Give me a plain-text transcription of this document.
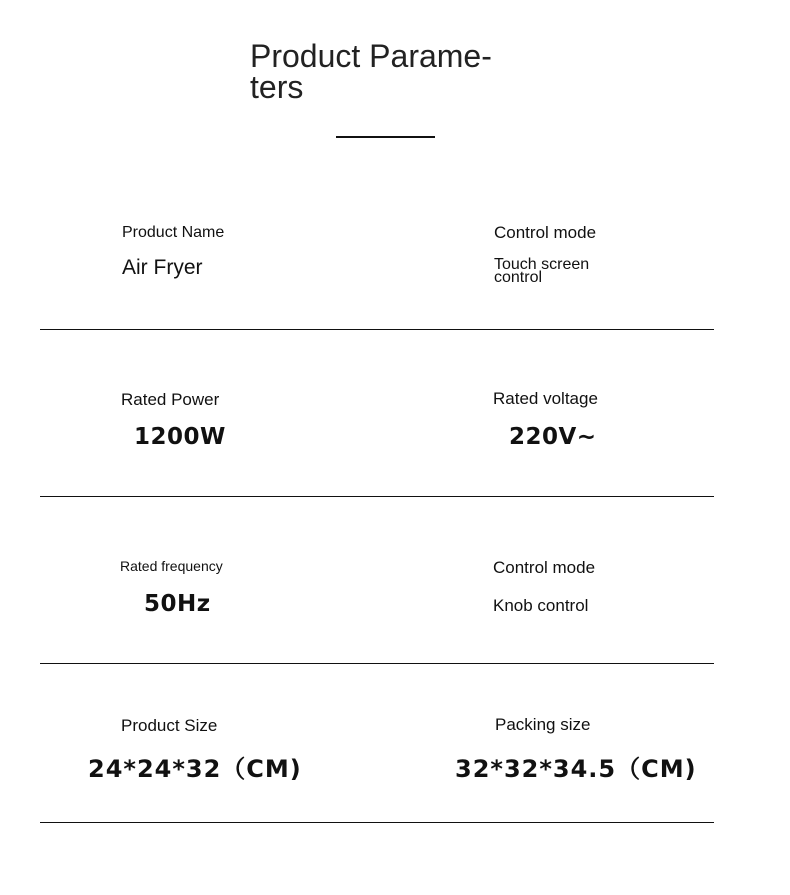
Product Parame-ters
Product Name
Air Fryer
Control mode
Touch screen control
Rated Power
1200W
Rated voltage
220V~
Rated frequency
50Hz
Control mode
Knob control
Product Size
24*24*32（CM)
Packing size
32*32*34.5（CM)
